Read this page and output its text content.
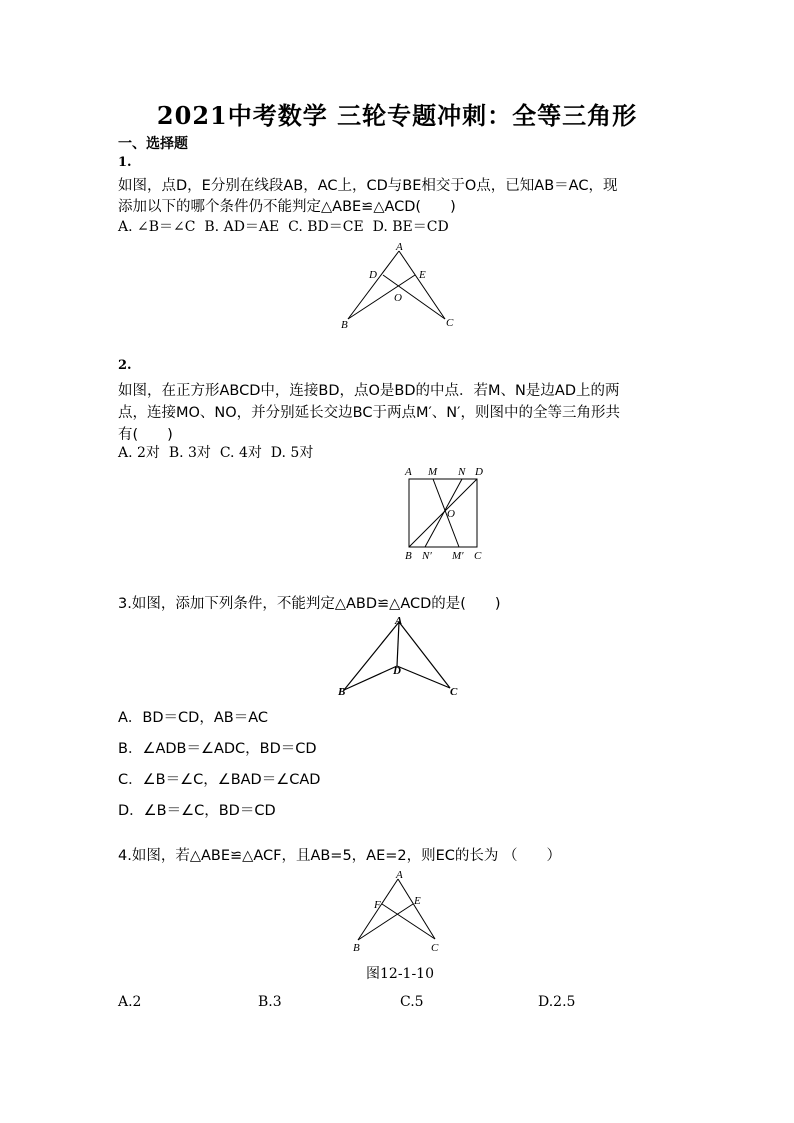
2021中考数学 三轮专题冲刺：全等三角形
一、选择题
1.
如图，点D，E分别在线段AB，AC上，CD与BE相交于O点，已知AB＝AC，现
添加以下的哪个条件仍不能判定△ABE≌△ACD(　　)
A. ∠B＝∠C B. AD＝AE C. BD＝CE D. BE＝CD
A
D	E
O
B	C
2.
如图，在正方形ABCD中，连接BD，点O是BD的中点．若M、N是边AD上的两
点，连接MO、NO，并分别延长交边BC于两点M′、N′，则图中的全等三角形共
有(　　)
A. 2对 B. 3对 C. 4对 D. 5对
A M N D
O
B N′ M′ C
3.如图，添加下列条件，不能判定△ABD≌△ACD的是(　　)
A
D
B	C
A．BD＝CD，AB＝AC
B．∠ADB＝∠ADC，BD＝CD
C．∠B＝∠C，∠BAD＝∠CAD
D．∠B＝∠C，BD＝CD
4.如图，若△ABE≌△ACF，且AB=5，AE=2，则EC的长为 （　　）
A
F	E
B	C
图12-1-10
A.2	B.3	C.5	D.2.5
